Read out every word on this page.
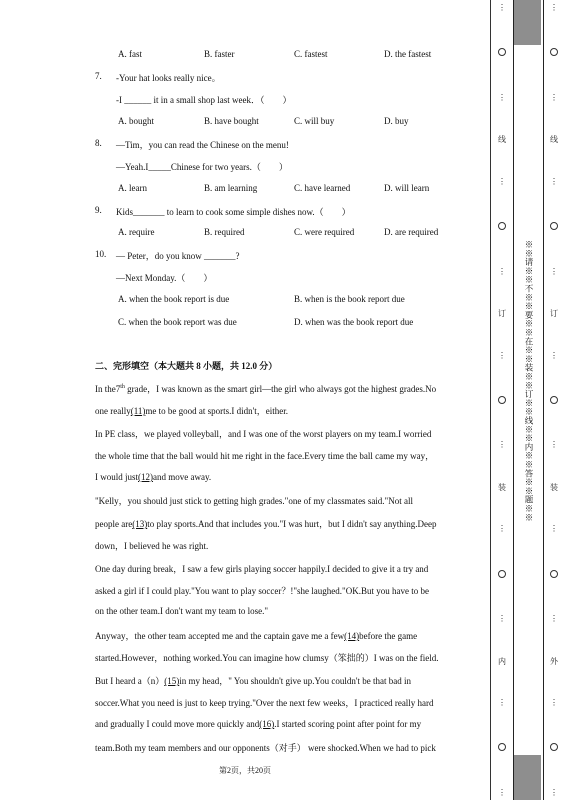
A. fast	B. faster	C. fastest	D. the fastest
7. -Your hat looks really nice。
-I ______ it in a small shop last week．（　　）
A. bought	B. have bought	C. will buy	D. buy
8. —Tim，you can read the Chinese on the menu!
—Yeah.I_____Chinese for two years.（　　）
A. learn	B. am learning	C. have learned	D. will learn
9. Kids_______ to learn to cook some simple dishes now.（　　）
A. require	B. required	C. were required	D. are required
10. — Peter，do you know _______?
—Next Monday.（　　）
A. when the book report is due	B. when is the book report due
C. when the book report was due	D. when was the book report due
二、完形填空（本大题共 8 小题，共 12.0 分）
In the7th grade，I was known as the smart girl—the girl who always got the highest grades.No
one really(11)me to be good at sports.I didn't，either.
In PE class，we played volleyball，and I was one of the worst players on my team.I worried
the whole time that the ball would hit me right in the face.Every time the ball came my way，
I would just(12)and move away.
"Kelly，you should just stick to getting high grades."one of my classmates said."Not all
people are(13)to play sports.And that includes you."I was hurt，but I didn't say anything.Deep
down，I believed he was right.
One day during break，I saw a few girls playing soccer happily.I decided to give it a try and
asked a girl if I could play."You want to play soccer？!"she laughed."OK.But you have to be
on the other team.I don't want my team to lose."
Anyway，the other team accepted me and the captain gave me a few(14)before the game
started.However，nothing worked.You can imagine how clumsy（笨拙的）I was on the field.
But I heard a（n）(15)in my head，" You shouldn't give up.You couldn't be that bad in
soccer.What you need is just to keep trying."Over the next few weeks，I practiced really hard
and gradually I could move more quickly and(16).I started scoring point after point for my
team.Both my team members and our opponents（对手） were shocked.When we had to pick
第2页，共20页
⋮
⋮
线
⋮
⋮
订
⋮
⋮
装
⋮
⋮
内
⋮
⋮
※※请※※不※※要※※在※※装※※订※※线※※内※※答※※题※※
⋮
⋮
线
⋮
⋮
订
⋮
⋮
装
⋮
⋮
外
⋮
⋮
